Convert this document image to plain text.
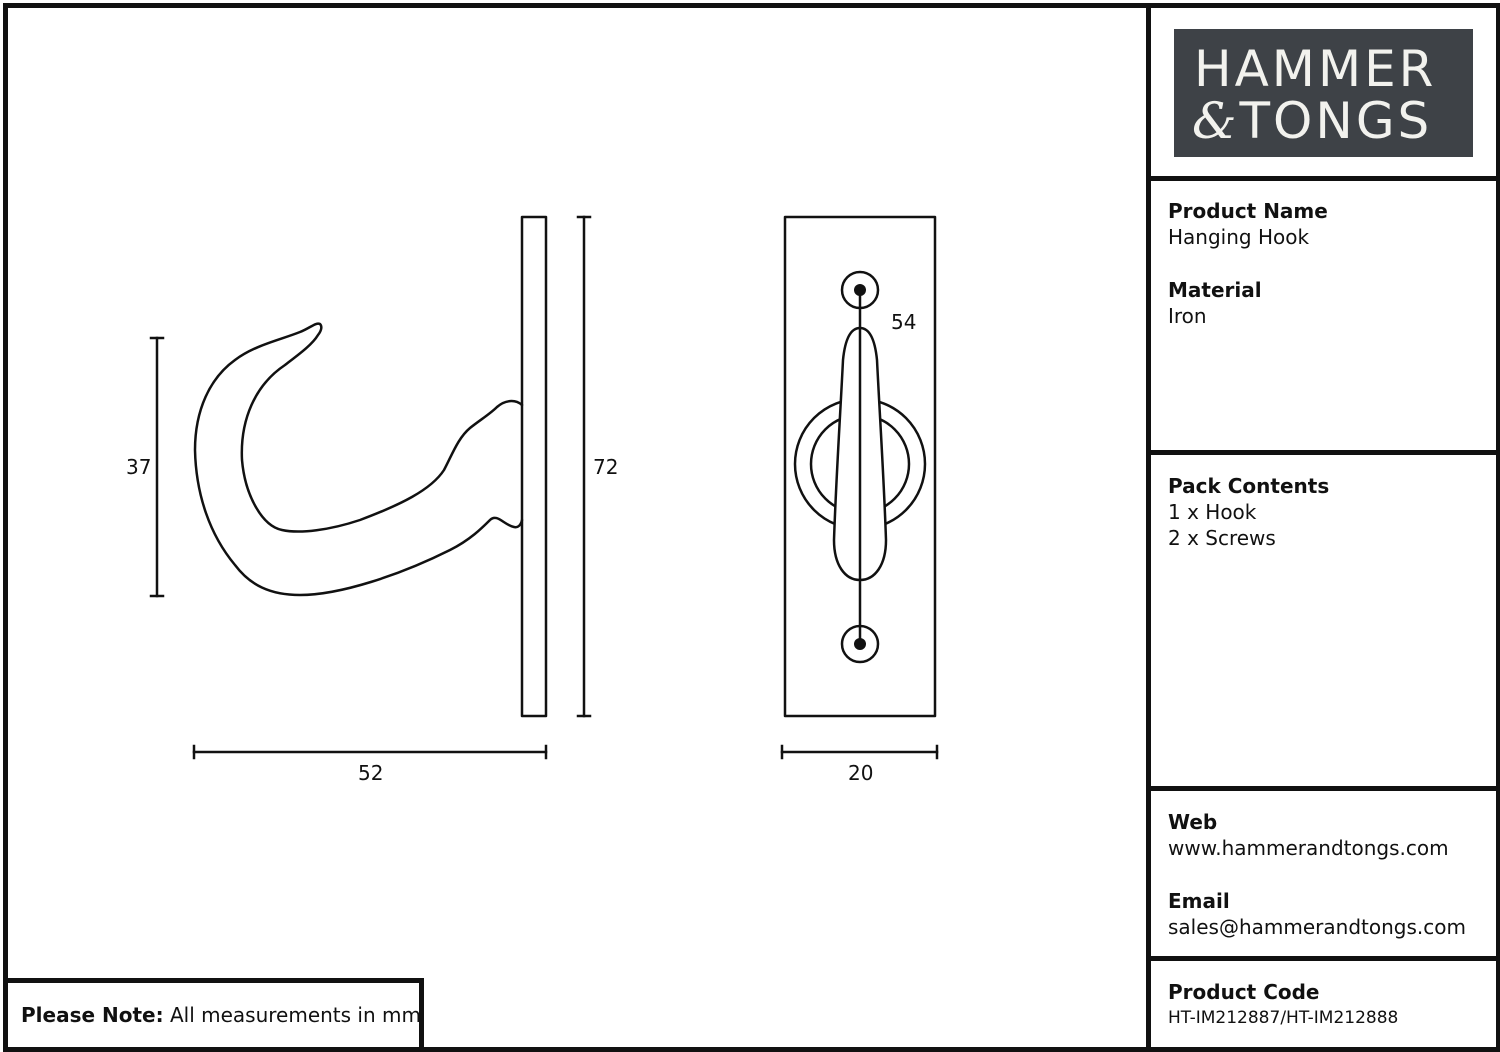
37	72
52	20
54
HAMMER
&TONGS
Product Name
Hanging Hook
Material
Iron
Pack Contents
1 x Hook
2 x Screws
Web
www.hammerandtongs.com
Email
sales@hammerandtongs.com
Product Code
HT-IM212887/HT-IM212888
Please Note: All measurements in mm
